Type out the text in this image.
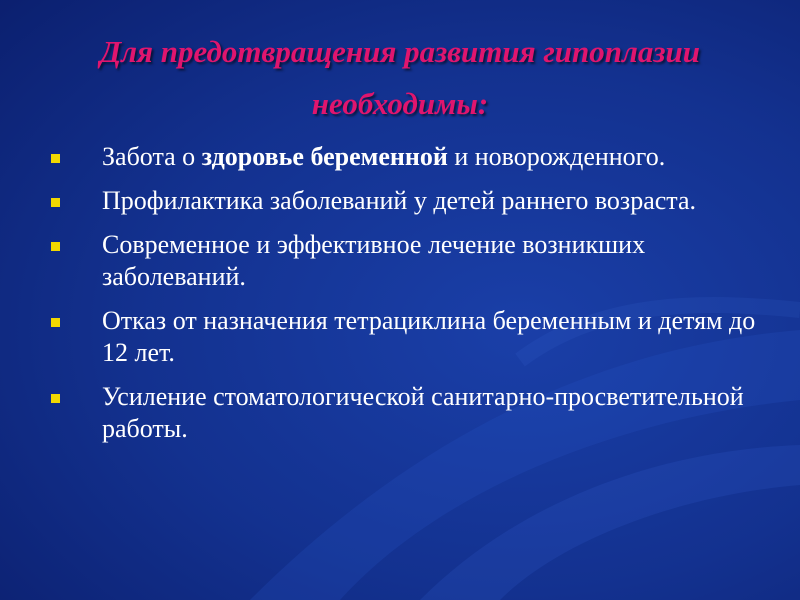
Для предотвращения развития гипоплазии
необходимы:
Забота о здоровье беременной и новорожденного.
Профилактика заболеваний у детей раннего возраста.
Современное и эффективное лечение возникших заболеваний.
Отказ от назначения тетрациклина беременным и детям до 12 лет.
Усиление стоматологической санитарно-просветительной работы.
